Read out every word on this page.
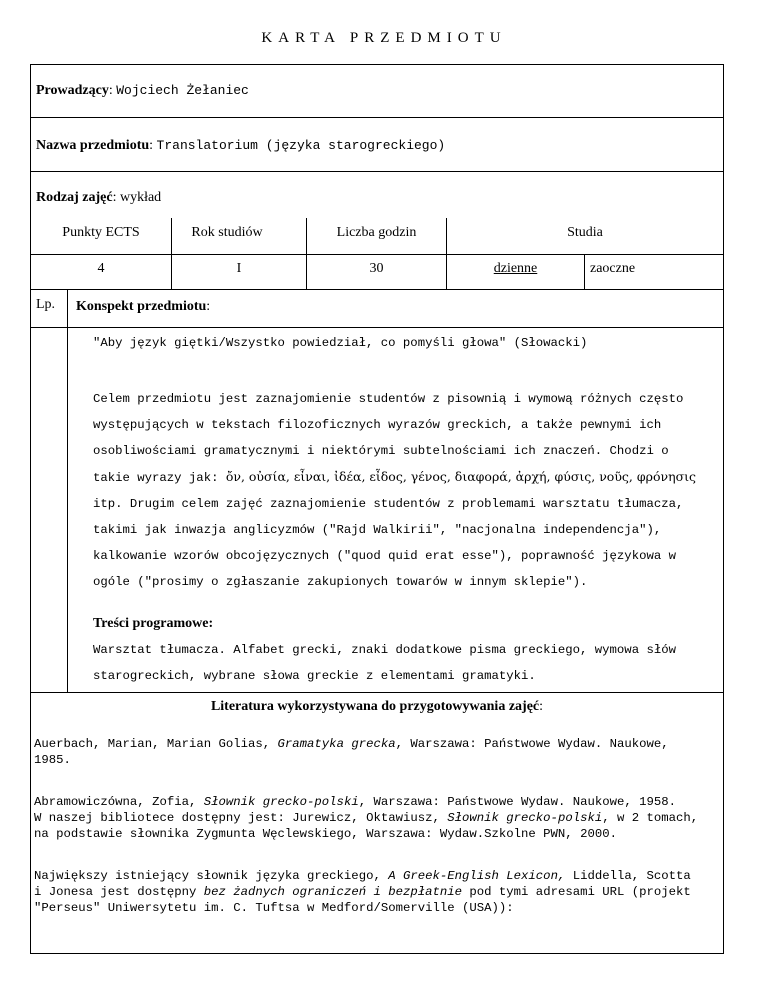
KARTA PRZEDMIOTU
Prowadzący: Wojciech Żełaniec
Nazwa przedmiotu: Translatorium (języka starogreckiego)
Rodzaj zajęć: wykład
Punkty ECTS	Rok studiów	Liczba godzin	Studia
4	I	30	dzienne	zaoczne
Lp. Konspekt przedmiotu:
"Aby język giętki/Wszystko powiedział, co pomyśli głowa" (Słowacki)
Celem przedmiotu jest zaznajomienie studentów z pisownią i wymową różnych często
występujących w tekstach filozoficznych wyrazów greckich, a także pewnymi ich
osobliwościami gramatycznymi i niektórymi subtelnościami ich znaczeń. Chodzi o
takie wyrazy jak: ὄν, οὐσία, εἶναι, ἰδέα, εἶδος, γένος, διαφορά, ἀρχή, φύσις, νοῦς, φρόνησις
itp. Drugim celem zajęć zaznajomienie studentów z problemami warsztatu tłumacza,
takimi jak inwazja anglicyzmów ("Rajd Walkirii", "nacjonalna independencja"),
kalkowanie wzorów obcojęzycznych ("quod quid erat esse"), poprawność językowa w
ogóle ("prosimy o zgłaszanie zakupionych towarów w innym sklepie").
Treści programowe:
Warsztat tłumacza. Alfabet grecki, znaki dodatkowe pisma greckiego, wymowa słów
starogreckich, wybrane słowa greckie z elementami gramatyki.
Literatura wykorzystywana do przygotowywania zajęć:
Auerbach, Marian, Marian Golias, Gramatyka grecka, Warszawa: Państwowe Wydaw. Naukowe,
1985.
Abramowiczówna, Zofia, Słownik grecko-polski, Warszawa: Państwowe Wydaw. Naukowe, 1958.
W naszej bibliotece dostępny jest: Jurewicz, Oktawiusz, Słownik grecko-polski, w 2 tomach,
na podstawie słownika Zygmunta Węclewskiego, Warszawa: Wydaw.Szkolne PWN, 2000.
Największy istniejący słownik języka greckiego, A Greek-English Lexicon, Liddella, Scotta
i Jonesa jest dostępny bez żadnych ograniczeń i bezpłatnie pod tymi adresami URL (projekt
"Perseus" Uniwersytetu im. C. Tuftsa w Medford/Somerville (USA)):
